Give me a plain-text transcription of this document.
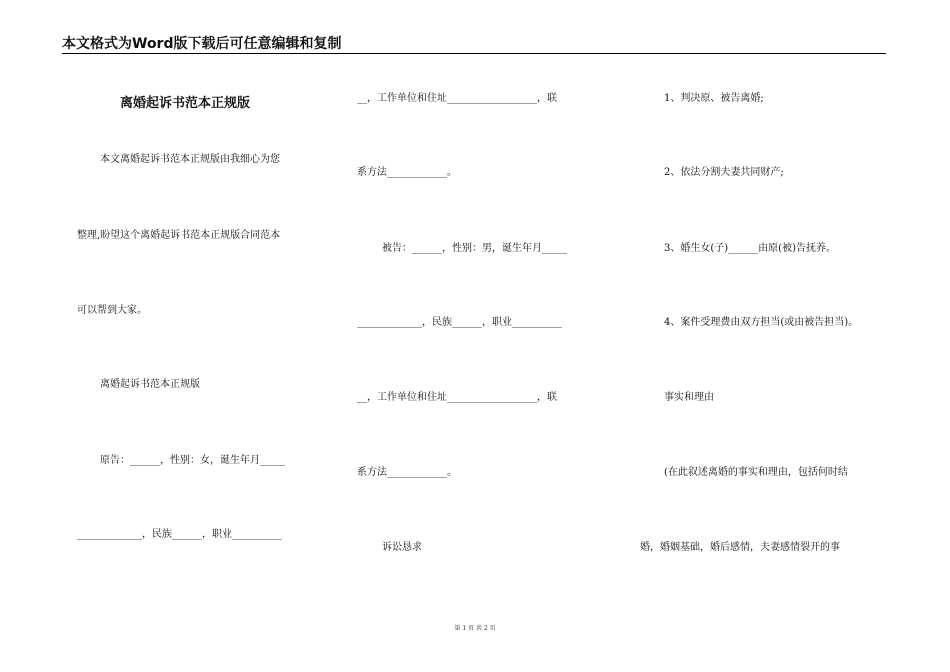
本文格式为Word版下载后可任意编辑和复制
离婚起诉书范本正规版
本文离婚起诉书范本正规版由我细心为您
整理,盼望这个离婚起诉书范本正规版合同范本
可以帮到大家。
离婚起诉书范本正规版
原告：______，性别：女，诞生年月_____
_____________，民族______，职业__________
__，工作单位和住址__________________，联
系方法____________。
被告：______，性别：男，诞生年月_____
_____________，民族______，职业__________
__，工作单位和住址__________________，联
系方法____________。
诉讼恳求
1、判决原、被告离婚;
2、依法分割夫妻共同财产;
3、婚生女(子)______由原(被)告抚养。
4、案件受理费由双方担当(或由被告担当)。
事实和理由
(在此叙述离婚的事实和理由，包括何时结
婚，婚姻基础，婚后感情，夫妻感情裂开的事
第 1 页 共 2 页
